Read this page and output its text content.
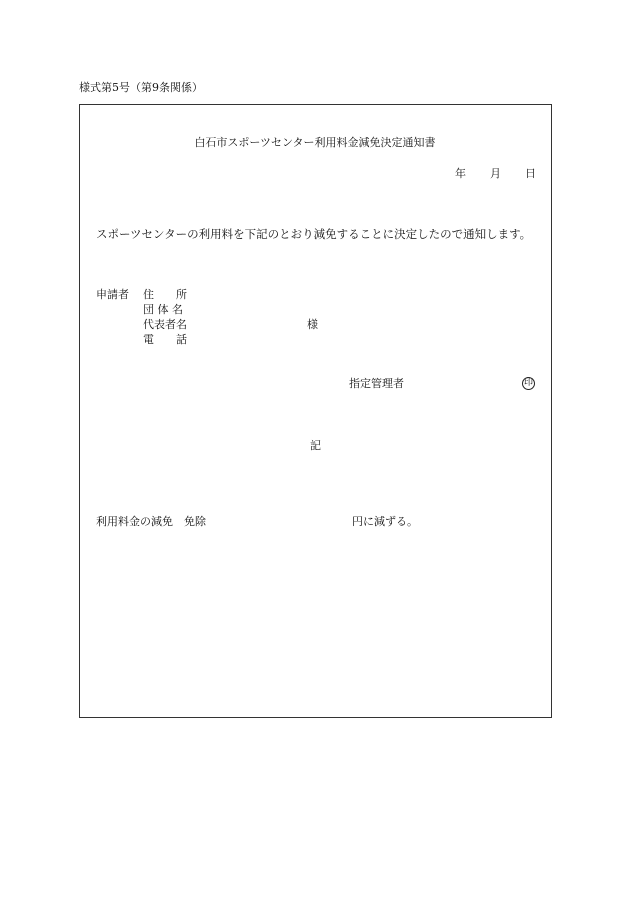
様式第5号（第9条関係）
白石市スポーツセンター利用料金減免決定通知書
年 月 日
スポーツセンターの利用料を下記のとおり減免することに決定したので通知します。
申請者 住　　所
団 体 名
代表者名	様
電　　話
指定管理者	印
記
利用料金の減免　免除	円に減ずる。
